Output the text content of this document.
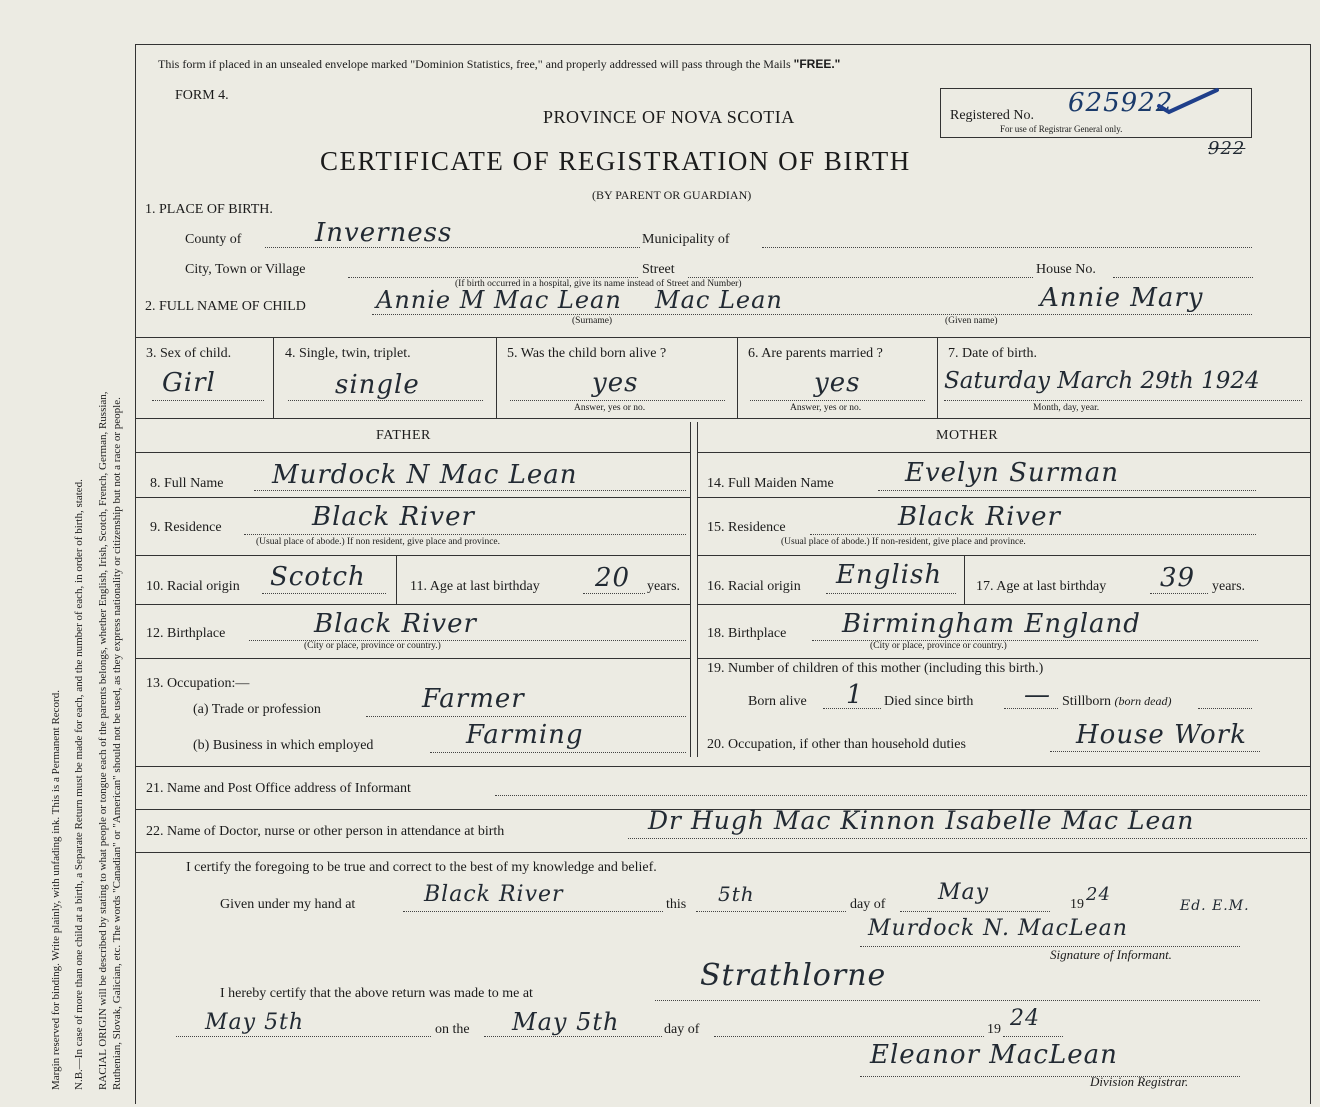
Margin reserved for binding. Write plainly, with unfading ink. This is a Permanent Record. N.B.—In case of more than one child at a birth, a Separate Return must be made for each, and the number of each, in order of birth, stated. RACIAL ORIGIN will be described by stating to what people or tongue each of the parents belongs, whether English, Irish, Scotch, French, German, Russian, Ruthenian, Slovak, Galician, etc. The words "Canadian" or "American" should not be used, as they express nationality or citizenship but not a race or people.
This form if placed in an unsealed envelope marked "Dominion Statistics, free," and properly addressed will pass through the Mails "FREE."
FORM 4.
PROVINCE OF NOVA SCOTIA
CERTIFICATE OF REGISTRATION OF BIRTH
(BY PARENT OR GUARDIAN)
Registered No. 625922
For use of Registrar General only.
922
1. PLACE OF BIRTH.
County of	Inverness	Municipality of
City, Town or Village	Street	House No.
(If birth occurred in a hospital, give its name instead of Street and Number)
2. FULL NAME OF CHILD	Annie M Mac Lean Mac Lean	Annie Mary
(Surname)	(Given name)
3. Sex of child.
Girl
4. Single, twin, triplet.
single
5. Was the child born alive ?
yes
Answer, yes or no.
6. Are parents married ?
yes
Answer, yes or no.
7. Date of birth.
Saturday March 29th 1924
Month, day, year.
FATHER	MOTHER
8. Full Name Murdock N Mac Lean
9. Residence	Black River
(Usual place of abode.) If non resident, give place and province.
10. Racial origin Scotch	11. Age at last birthday 20 years.
12. Birthplace	Black River
(City or place, province or country.)
13. Occupation:—
(a) Trade or profession	Farmer
(b) Business in which employed	Farming
14. Full Maiden Name	Evelyn Surman
15. Residence	Black River
(Usual place of abode.) If non-resident, give place and province.
16. Racial origin English 17. Age at last birthday 39 years.
18. Birthplace Birmingham England
(City or place, province or country.)
19. Number of children of this mother (including this birth.)
Born alive 1 Died since birth — Stillborn (born dead)
20. Occupation, if other than household duties	House Work
21. Name and Post Office address of Informant
22. Name of Doctor, nurse or other person in attendance at birth	Dr Hugh Mac Kinnon Isabelle Mac Lean
I certify the foregoing to be true and correct to the best of my knowledge and belief.
Given under my hand at	Black River	this 5th	day of May	19 24
Murdock N. MacLean
Ed. E.M.
Signature of Informant.
I hereby certify that the above return was made to me at
Strathlorne
May 5th	on the May 5th	day of	19 24
Eleanor MacLean
Division Registrar.
